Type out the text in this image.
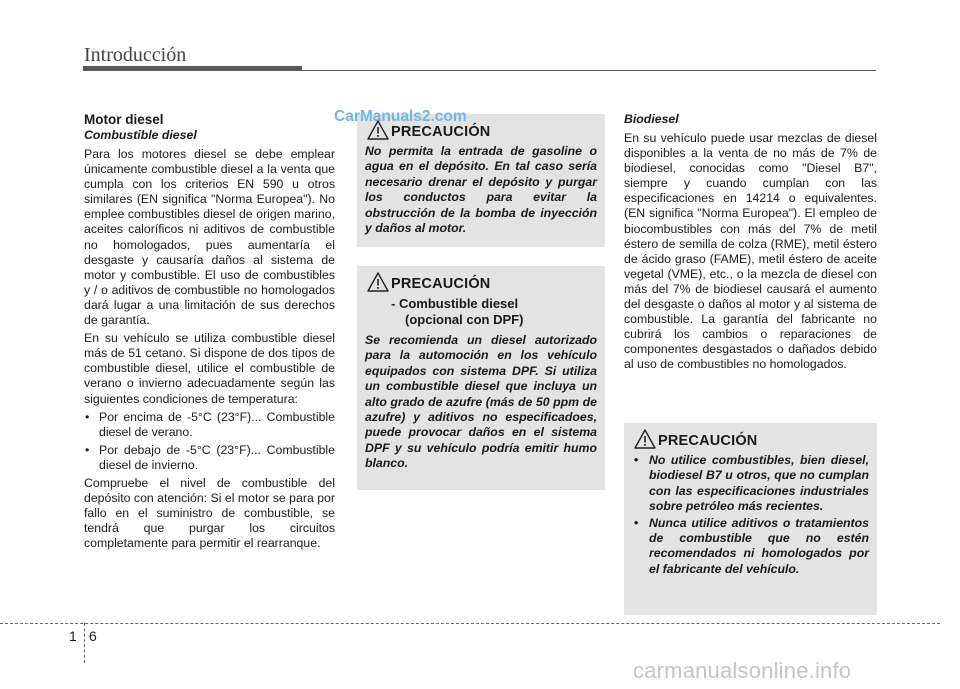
Introducción
Motor diesel
Combustible diesel

Para los motores diesel se debe emplear únicamente combustible diesel a la venta que cumpla con los criterios EN 590 u otros similares (EN significa "Norma Europea"). No emplee combustibles diesel de origen marino, aceites caloríficos ni aditivos de combustible no homologados, pues aumentaría el desgaste y causaría daños al sistema de motor y combustible. El uso de combustibles y / o aditivos de combustible no homologados dará lugar a una limitación de sus derechos de garantía.

En su vehículo se utiliza combustible diesel más de 51 cetano. Si dispone de dos tipos de combustible diesel, utilice el combustible de verano o invierno adecuadamente según las siguientes condiciones de temperatura:

• Por encima de -5°C (23°F)... Combustible diesel de verano.
• Por debajo de -5°C (23°F)... Combustible diesel de invierno.

Compruebe el nivel de combustible del depósito con atención: Si el motor se para por fallo en el suministro de combustible, se tendrá que purgar los circuitos completamente para permitir el rearranque.

PRECAUCIÓN

No permita la entrada de gasoline o agua en el depósito. En tal caso sería necesario drenar el depósito y purgar los conductos para evitar la obstrucción de la bomba de inyección y daños al motor.

PRECAUCIÓN
- Combustible diesel
(opcional con DPF)

Se recomienda un diesel autorizado para la automoción en los vehículo equipados con sistema DPF. Si utiliza un combustible diesel que incluya un alto grado de azufre (más de 50 ppm de azufre) y aditivos no especificadoes, puede provocar daños en el sistema DPF y su vehículo podría emitir humo blanco.

Biodiesel

En su vehículo puede usar mezclas de diesel disponibles a la venta de no más de 7% de biodiesel, conocidas como "Diesel B7", siempre y cuando cumplan con las especificaciones en 14214 o equivalentes. (EN significa "Norma Europea"). El empleo de biocombustibles con más del 7% de metil éstero de semilla de colza (RME), metil éstero de ácido graso (FAME), metil éstero de aceite vegetal (VME), etc., o la mezcla de diesel con más del 7% de biodiesel causará el aumento del desgaste o daños al motor y al sistema de combustible. La garantía del fabricante no cubrirá los cambios o reparaciones de componentes desgastados o dañados debido al uso de combustibles no homologados.

PRECAUCIÓN
• No utilice combustibles, bien diesel, biodiesel B7 u otros, que no cumplan con las especificaciones industriales sobre petróleo más recientes.
• Nunca utilice aditivos o tratamientos de combustible que no estén recomendados ni homologados por el fabricante del vehículo.
CarManuals2.com
1 6
carmanualsonline.info
